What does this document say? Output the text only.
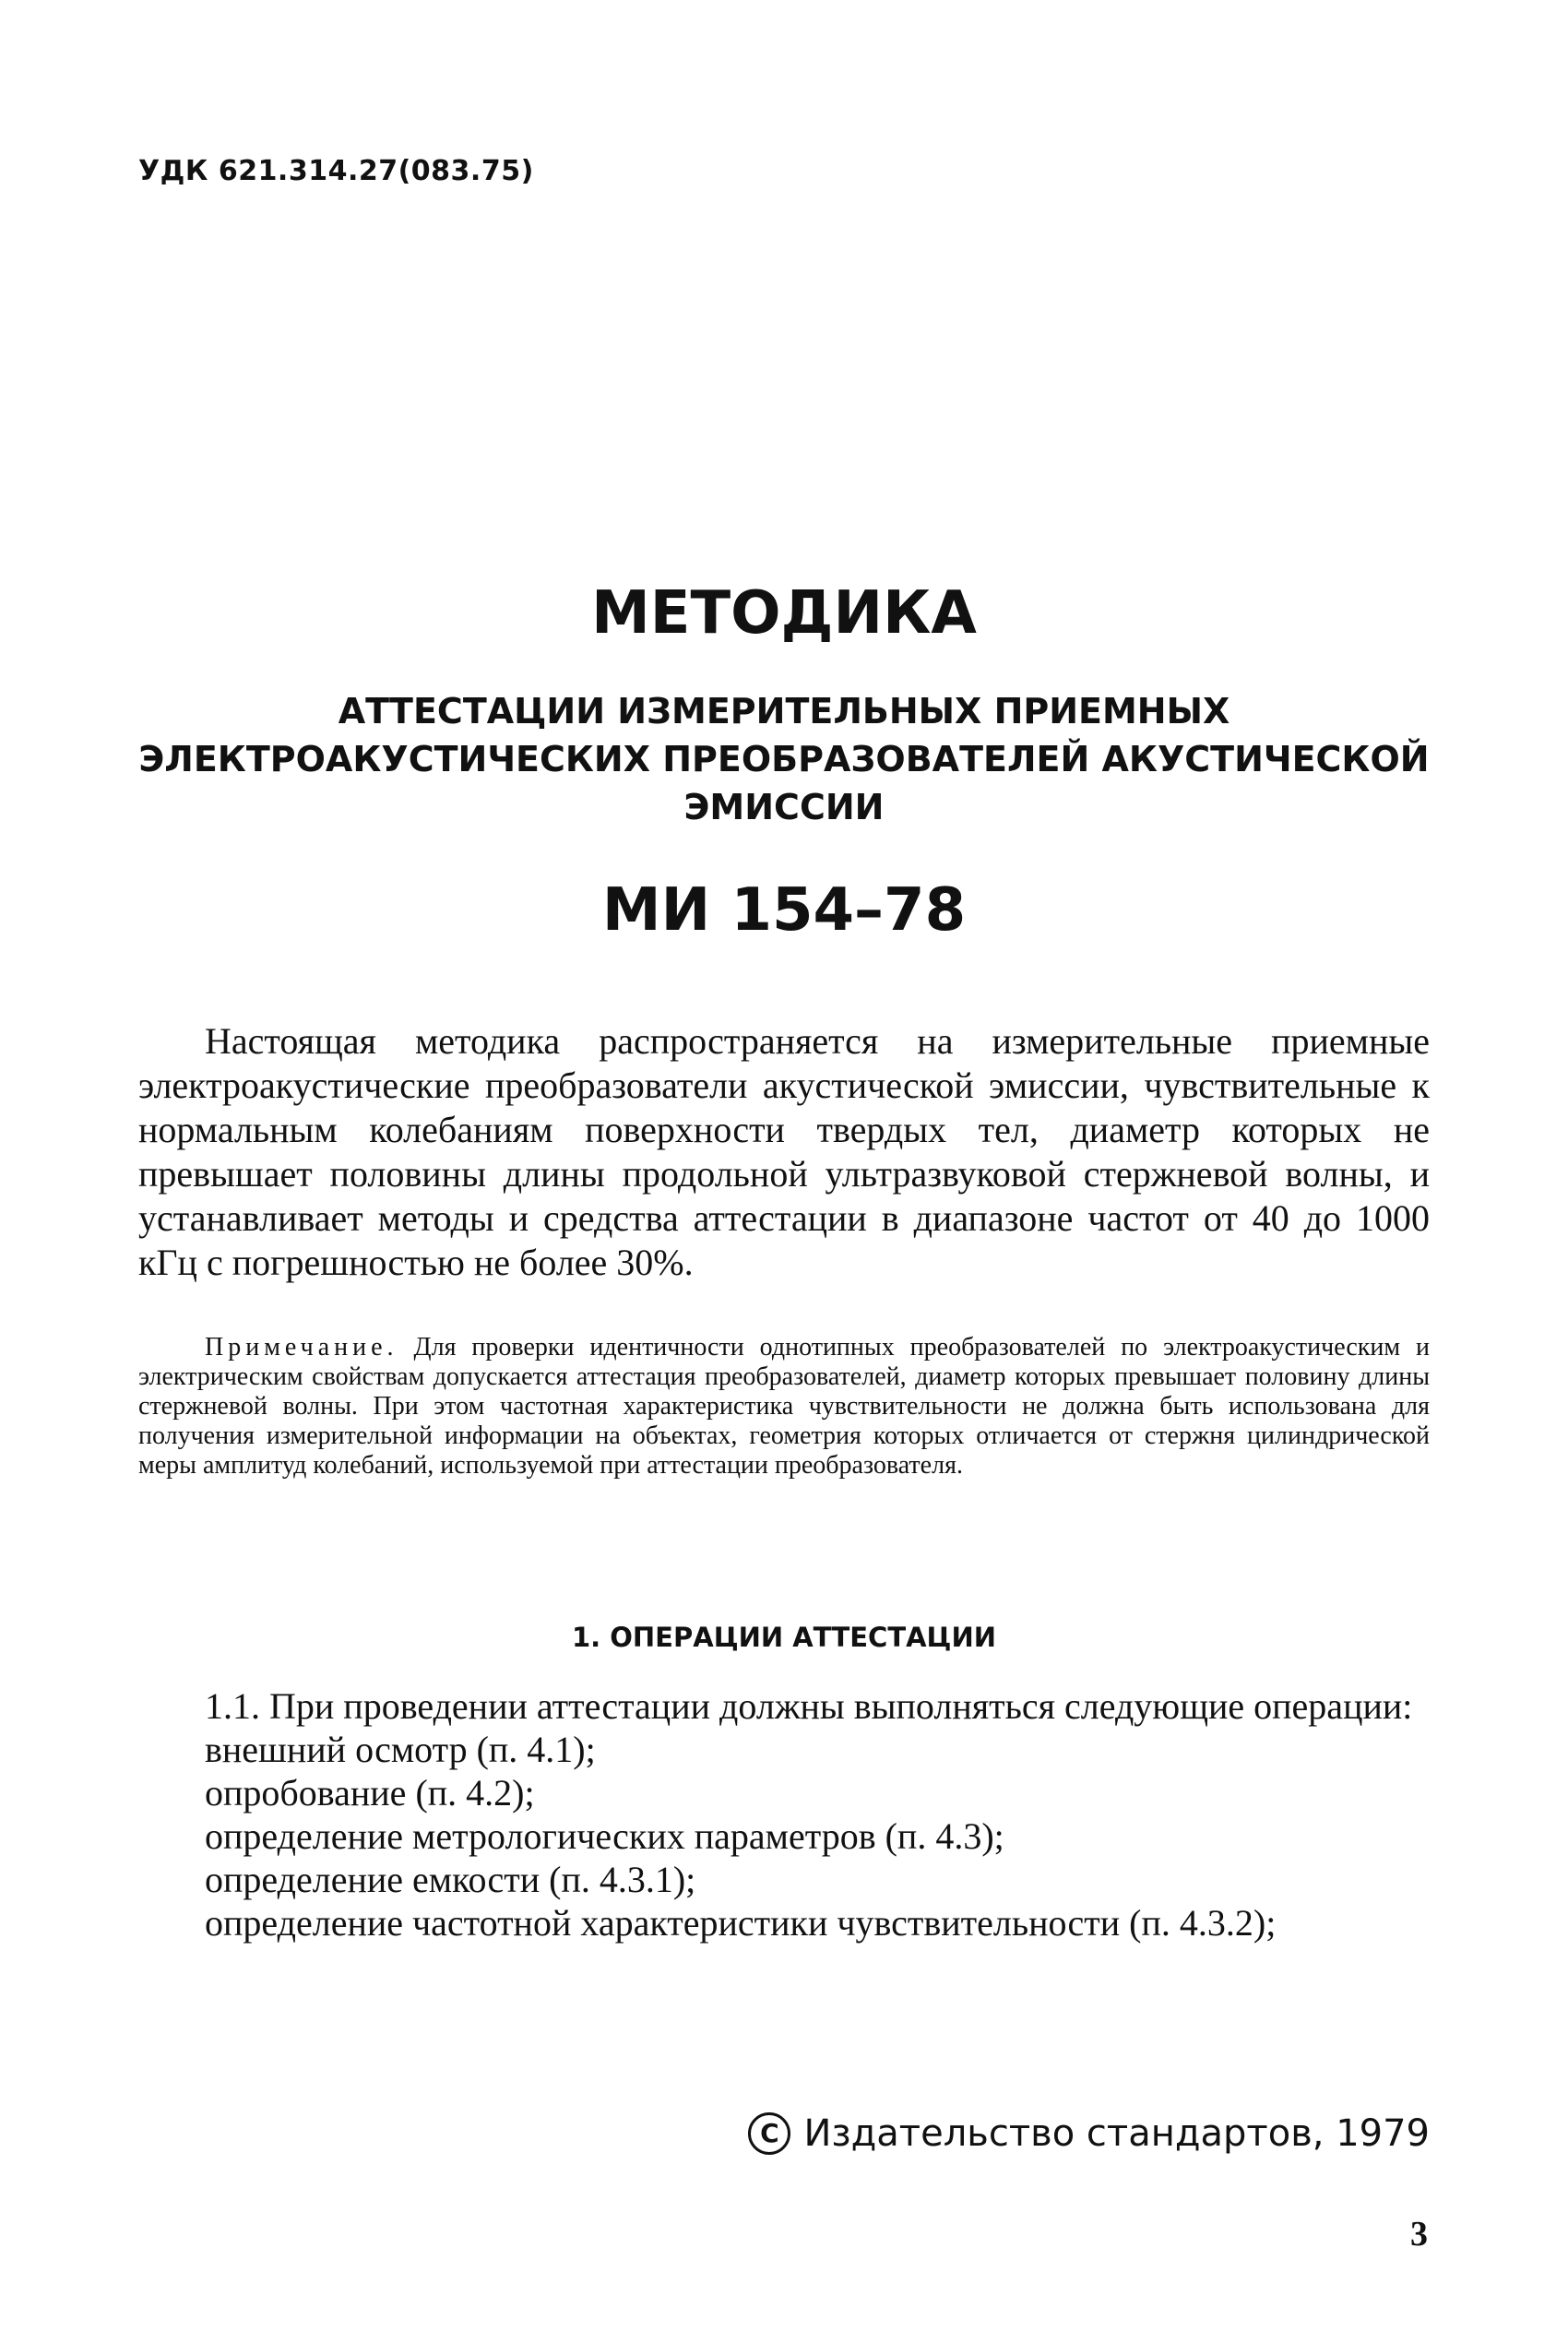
УДК 621.314.27(083.75)
МЕТОДИКА
АТТЕСТАЦИИ ИЗМЕРИТЕЛЬНЫХ ПРИЕМНЫХ
ЭЛЕКТРОАКУСТИЧЕСКИХ ПРЕОБРАЗОВАТЕЛЕЙ АКУСТИЧЕСКОЙ
ЭМИССИИ
МИ 154–78

Настоящая методика распространяется на измерительные приемные электроакустические преобразователи акустической эмиссии, чувствительные к нормальным колебаниям поверхности твердых тел, диаметр которых не превышает половины длины продольной ультразвуковой стержневой волны, и устанавливает методы и средства аттестации в диапазоне частот от 40 до 1000 кГц с погрешностью не более 30%.

Примечание. Для проверки идентичности однотипных преобразователей по электроакустическим и электрическим свойствам допускается аттестация преобразователей, диаметр которых превышает половину длины стержневой волны. При этом частотная характеристика чувствительности не должна быть использована для получения измерительной информации на объектах, геометрия которых отличается от стержня цилиндрической меры амплитуд колебаний, используемой при аттестации преобразователя.

1. ОПЕРАЦИИ АТТЕСТАЦИИ
1.1. При проведении аттестации должны выполняться следующие операции:
внешний осмотр (п. 4.1);
опробование (п. 4.2);
определение метрологических параметров (п. 4.3);
определение емкости (п. 4.3.1);
определение частотной характеристики чувствительности (п. 4.3.2);
C Издательство стандартов, 1979
3
